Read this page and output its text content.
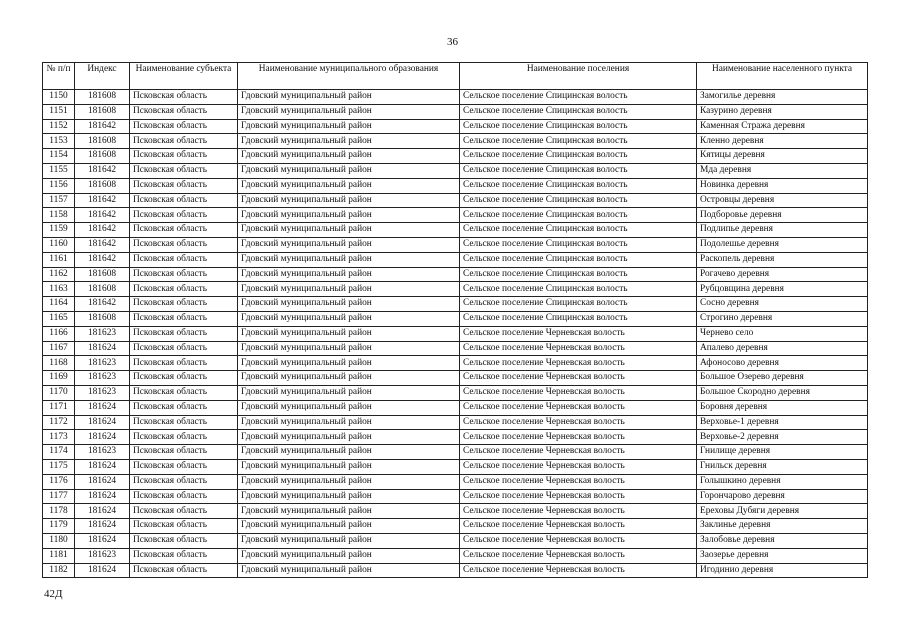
36
№ п/п	Индекс	Наименование субъекта	Наименование муниципального образования	Наименование поселения	Наименование населенного пункта
1150	181608	Псковская область	Гдовский муниципальный район	Сельское поселение Спицинская волость	Замогилье деревня
1151	181608	Псковская область	Гдовский муниципальный район	Сельское поселение Спицинская волость	Казурино деревня
1152	181642	Псковская область	Гдовский муниципальный район	Сельское поселение Спицинская волость	Каменная Стража деревня
1153	181608	Псковская область	Гдовский муниципальный район	Сельское поселение Спицинская волость	Кленно деревня
1154	181608	Псковская область	Гдовский муниципальный район	Сельское поселение Спицинская волость	Кятицы деревня
1155	181642	Псковская область	Гдовский муниципальный район	Сельское поселение Спицинская волость	Мда деревня
1156	181608	Псковская область	Гдовский муниципальный район	Сельское поселение Спицинская волость	Новинка деревня
1157	181642	Псковская область	Гдовский муниципальный район	Сельское поселение Спицинская волость	Островцы деревня
1158	181642	Псковская область	Гдовский муниципальный район	Сельское поселение Спицинская волость	Подборовье деревня
1159	181642	Псковская область	Гдовский муниципальный район	Сельское поселение Спицинская волость	Подлипье деревня
1160	181642	Псковская область	Гдовский муниципальный район	Сельское поселение Спицинская волость	Подолешье деревня
1161	181642	Псковская область	Гдовский муниципальный район	Сельское поселение Спицинская волость	Раскопель деревня
1162	181608	Псковская область	Гдовский муниципальный район	Сельское поселение Спицинская волость	Рогачево деревня
1163	181608	Псковская область	Гдовский муниципальный район	Сельское поселение Спицинская волость	Рубцовщина деревня
1164	181642	Псковская область	Гдовский муниципальный район	Сельское поселение Спицинская волость	Сосно деревня
1165	181608	Псковская область	Гдовский муниципальный район	Сельское поселение Спицинская волость	Строгино деревня
1166	181623	Псковская область	Гдовский муниципальный район	Сельское поселение Черневская волость	Чернево село
1167	181624	Псковская область	Гдовский муниципальный район	Сельское поселение Черневская волость	Апалево деревня
1168	181623	Псковская область	Гдовский муниципальный район	Сельское поселение Черневская волость	Афоносово деревня
1169	181623	Псковская область	Гдовский муниципальный район	Сельское поселение Черневская волость	Большое Озерево деревня
1170	181623	Псковская область	Гдовский муниципальный район	Сельское поселение Черневская волость	Большое Скородно деревня
1171	181624	Псковская область	Гдовский муниципальный район	Сельское поселение Черневская волость	Боровня деревня
1172	181624	Псковская область	Гдовский муниципальный район	Сельское поселение Черневская волость	Верховье-1 деревня
1173	181624	Псковская область	Гдовский муниципальный район	Сельское поселение Черневская волость	Верховье-2 деревня
1174	181623	Псковская область	Гдовский муниципальный район	Сельское поселение Черневская волость	Гнилище деревня
1175	181624	Псковская область	Гдовский муниципальный район	Сельское поселение Черневская волость	Гнильск деревня
1176	181624	Псковская область	Гдовский муниципальный район	Сельское поселение Черневская волость	Голышкино деревня
1177	181624	Псковская область	Гдовский муниципальный район	Сельское поселение Черневская волость	Горончарово деревня
1178	181624	Псковская область	Гдовский муниципальный район	Сельское поселение Черневская волость	Ереховы Дубяги деревня
1179	181624	Псковская область	Гдовский муниципальный район	Сельское поселение Черневская волость	Заклинье деревня
1180	181624	Псковская область	Гдовский муниципальный район	Сельское поселение Черневская волость	Залобовье деревня
1181	181623	Псковская область	Гдовский муниципальный район	Сельское поселение Черневская волость	Заозерье деревня
1182	181624	Псковская область	Гдовский муниципальный район	Сельское поселение Черневская волость	Игодинио деревня
42Д
